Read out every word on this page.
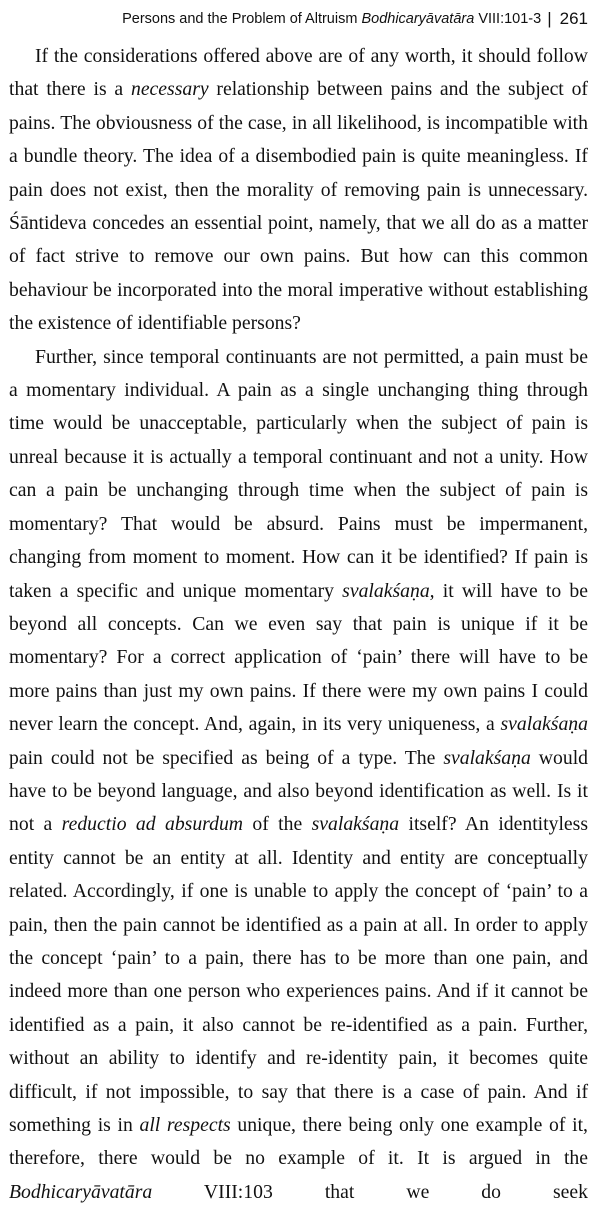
Persons and the Problem of Altruism Bodhicaryāvatāra VIII:101-3 | 261

If the considerations offered above are of any worth, it should follow that there is a necessary relationship between pains and the subject of pains. The obviousness of the case, in all likelihood, is incompatible with a bundle theory. The idea of a disembodied pain is quite meaningless. If pain does not exist, then the morality of removing pain is unnecessary. Śāntideva concedes an essential point, namely, that we all do as a matter of fact strive to remove our own pains. But how can this common behaviour be incorporated into the moral imperative without establishing the existence of identifiable persons?

Further, since temporal continuants are not permitted, a pain must be a momentary individual. A pain as a single unchanging thing through time would be unacceptable, particularly when the subject of pain is unreal because it is actually a temporal continuant and not a unity. How can a pain be unchanging through time when the subject of pain is momentary? That would be absurd. Pains must be impermanent, changing from moment to moment. How can it be identified? If pain is taken a specific and unique momentary svalakśaṇa, it will have to be beyond all concepts. Can we even say that pain is unique if it be momentary? For a correct application of ‘pain’ there will have to be more pains than just my own pains. If there were my own pains I could never learn the concept. And, again, in its very uniqueness, a svalakśaṇa pain could not be specified as being of a type. The svalakśaṇa would have to be beyond language, and also beyond identification as well. Is it not a reductio ad absurdum of the svalakśaṇa itself? An identityless entity cannot be an entity at all. Identity and entity are conceptually related. Accordingly, if one is unable to apply the concept of ‘pain’ to a pain, then the pain cannot be identified as a pain at all. In order to apply the concept ‘pain’ to a pain, there has to be more than one pain, and indeed more than one person who experiences pains. And if it cannot be identified as a pain, it also cannot be re-identified as a pain. Further, without an ability to identify and re-identity pain, it becomes quite difficult, if not impossible, to say that there is a case of pain. And if something is in all respects unique, there being only one example of it, therefore, there would be no example of it. It is argued in the Bodhicaryāvatāra VIII:103 that we do seek
